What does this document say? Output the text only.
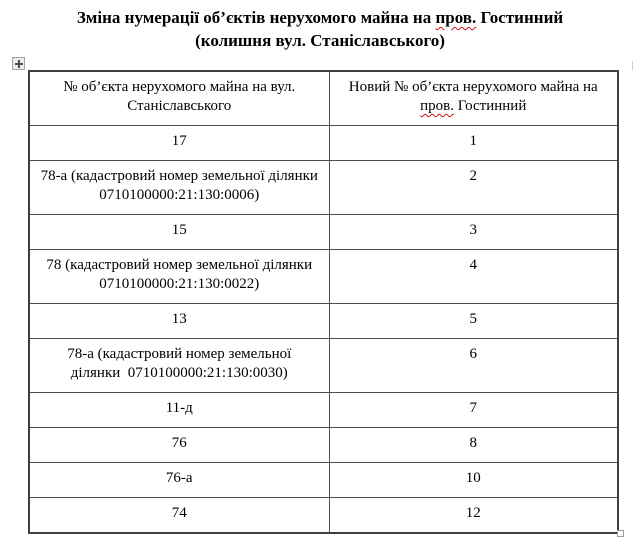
Зміна нумерації об’єктів нерухомого майна на пров. Гостинний
(колишня вул. Станіславського)
№ об’єкта нерухомого майна на вул. Станіславського	Новий № об’єкта нерухомого майна на пров. Гостинний
17	1
78-а (кадастровий номер земельної ділянки 0710100000:21:130:0006)	2
15	3
78 (кадастровий номер земельної ділянки 0710100000:21:130:0022)	4
13	5
78-а (кадастровий номер земельної ділянки  0710100000:21:130:0030)	6
11-д	7
76	8
76-а	10
74	12
